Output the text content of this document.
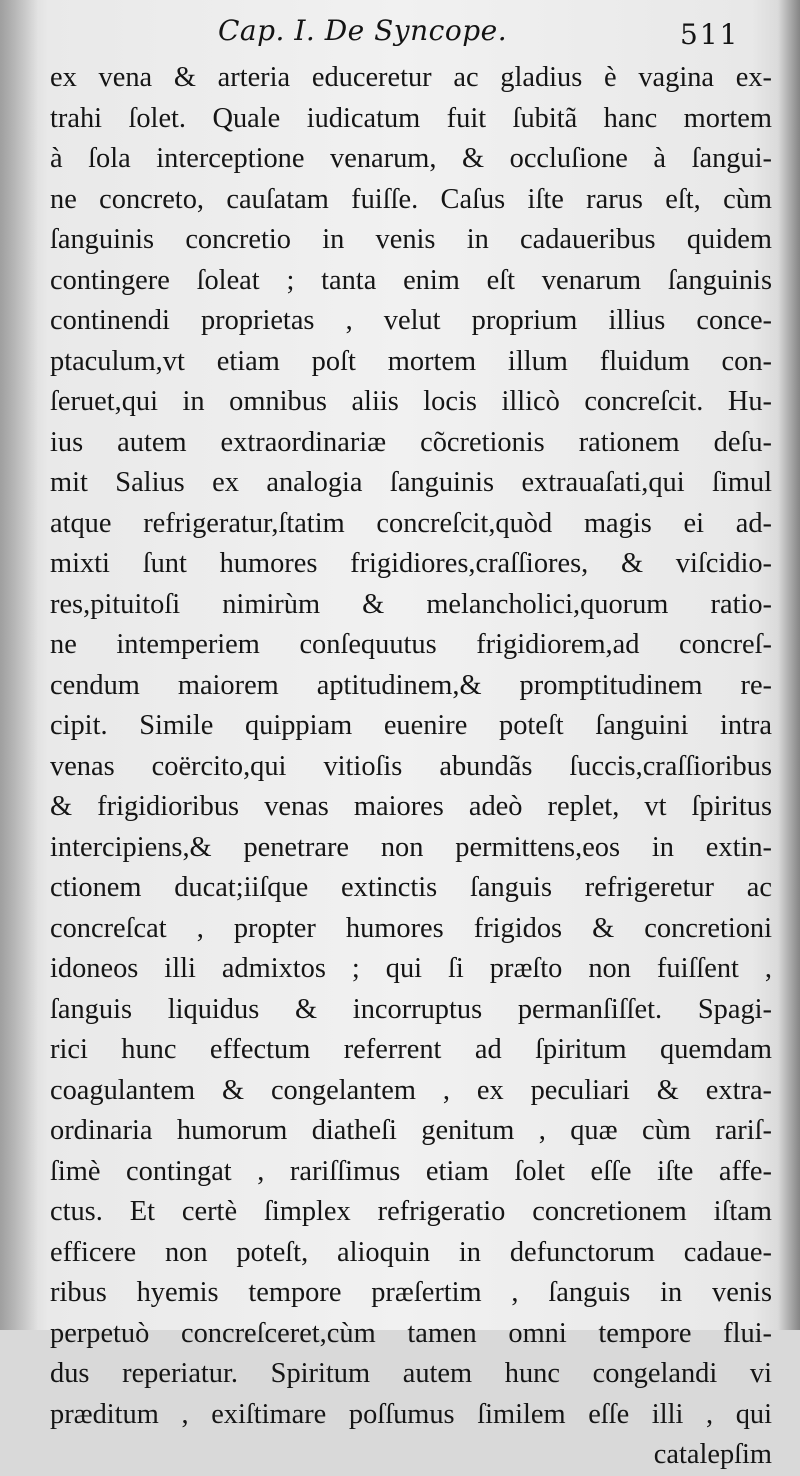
Cap. I. De Syncope.	511
ex vena & arteria educeretur ac gladius è vagina ex-
trahi ſolet. Quale iudicatum fuit ſubitã hanc mortem
à ſola interceptione venarum, & occluſione à ſangui-
ne concreto, cauſatam fuiſſe. Caſus iſte rarus eſt, cùm
ſanguinis concretio in venis in cadaueribus quidem
contingere ſoleat ; tanta enim eſt venarum ſanguinis
continendi proprietas , velut proprium illius conce-
ptaculum,vt etiam poſt mortem illum fluidum con-
ſeruet,qui in omnibus aliis locis illicò concreſcit. Hu-
ius autem extraordinariæ cõcretionis rationem deſu-
mit Salius ex analogia ſanguinis extrauaſati,qui ſimul
atque refrigeratur,ſtatim concreſcit,quòd magis ei ad-
mixti ſunt humores frigidiores,craſſiores, & viſcidio-
res,pituitoſi nimirùm & melancholici,quorum ratio-
ne intemperiem conſequutus frigidiorem,ad concreſ-
cendum maiorem aptitudinem,& promptitudinem re-
cipit. Simile quippiam euenire poteſt ſanguini intra
venas coërcito,qui vitioſis abundãs ſuccis,craſſioribus
& frigidioribus venas maiores adeò replet, vt ſpiritus
intercipiens,& penetrare non permittens,eos in extin-
ctionem ducat;iiſque extinctis ſanguis refrigeretur ac
concreſcat , propter humores frigidos & concretioni
idoneos illi admixtos ; qui ſi præſto non fuiſſent ,
ſanguis liquidus & incorruptus permanſiſſet. Spagi-
rici hunc effectum referrent ad ſpiritum quemdam
coagulantem & congelantem , ex peculiari & extra-
ordinaria humorum diatheſi genitum , quæ cùm rariſ-
ſimè contingat , rariſſimus etiam ſolet eſſe iſte affe-
ctus. Et certè ſimplex refrigeratio concretionem iſtam
efficere non poteſt, alioquin in defunctorum cadaue-
ribus hyemis tempore præſertim , ſanguis in venis
perpetuò concreſceret,cùm tamen omni tempore flui-
dus reperiatur. Spiritum autem hunc congelandi vi
præditum , exiſtimare poſſumus ſimilem eſſe illi , qui
catalepſim
